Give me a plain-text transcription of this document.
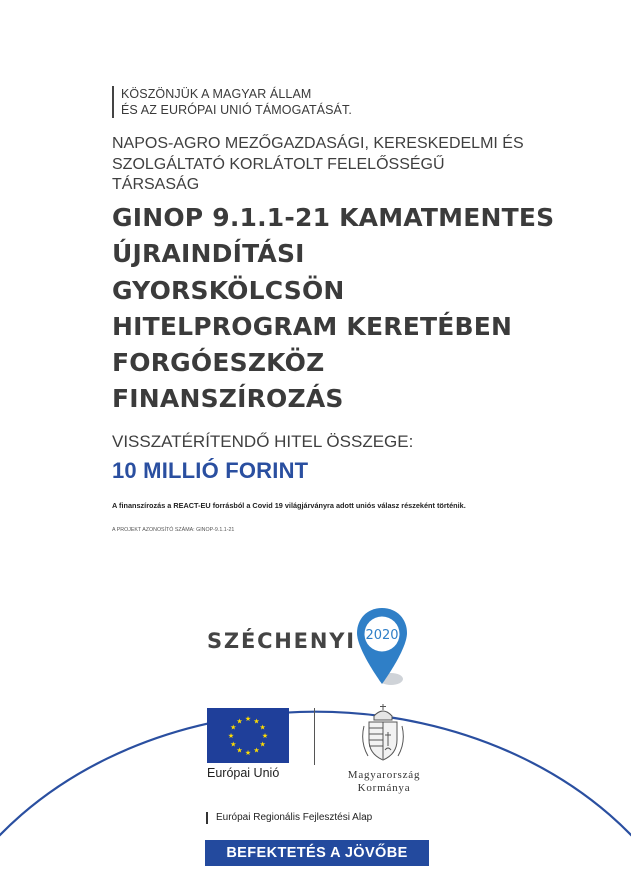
KÖSZÖNJÜK A MAGYAR ÁLLAM
ÉS AZ EURÓPAI UNIÓ TÁMOGATÁSÁT.
NAPOS-AGRO MEZŐGAZDASÁGI, KERESKEDELMI ÉS
SZOLGÁLTATÓ KORLÁTOLT FELELŐSSÉGŰ
TÁRSASÁG
GINOP 9.1.1-21 KAMATMENTES
ÚJRAINDÍTÁSI
GYORSKÖLCSÖN
HITELPROGRAM KERETÉBEN
FORGÓESZKÖZ
FINANSZÍROZÁS
VISSZATÉRÍTENDŐ HITEL ÖSSZEGE:
10 MILLIÓ FORINT
A finanszírozás a REACT-EU forrásból a Covid 19 világjárványra adott uniós válasz részeként történik.
A PROJEKT AZONOSÍTÓ SZÁMA: GINOP-9.1.1-21
SZÉCHENYI 2020
★ ★
★
★
★
★
★
★
★
★
★
★
Európai Unió	Magyarország
Kormánya
Európai Regionális Fejlesztési Alap
BEFEKTETÉS A JÖVŐBE
